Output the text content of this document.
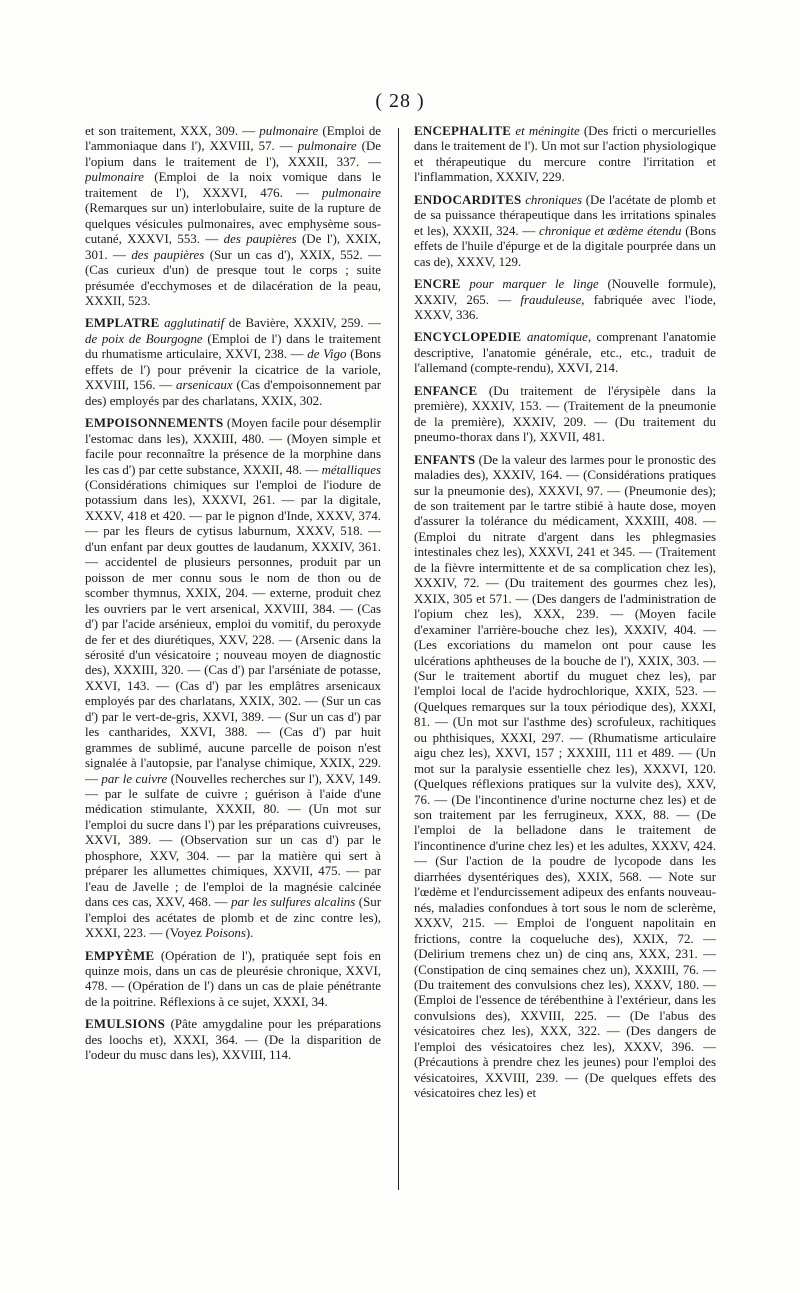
( 28 )

et son traitement, XXX, 309. — pulmonaire (Emploi de l'ammoniaque dans l'), XXVIII, 57. — pulmonaire (De l'opium dans le traitement de l'), XXXII, 337. — pulmonaire (Emploi de la noix vomique dans le traitement de l'), XXXVI, 476. — pulmonaire (Remarques sur un) interlobulaire, suite de la rupture de quelques vésicules pulmonaires, avec emphysème sous-cutané, XXXVI, 553. — des paupières (De l'), XXIX, 301. — des paupières (Sur un cas d'), XXIX, 552. — (Cas curieux d'un) de presque tout le corps ; suite présumée d'ecchymoses et de dilacération de la peau, XXXII, 523.

EMPLATRE agglutinatif de Bavière, XXXIV, 259. — de poix de Bourgogne (Emploi de l') dans le traitement du rhumatisme articulaire, XXVI, 238. — de Vigo (Bons effets de l') pour prévenir la cicatrice de la variole, XXVIII, 156. — arsenicaux (Cas d'empoisonnement par des) employés par des charlatans, XXIX, 302.

EMPOISONNEMENTS (Moyen facile pour désemplir l'estomac dans les), XXXIII, 480. — (Moyen simple et facile pour reconnaître la présence de la morphine dans les cas d') par cette substance, XXXII, 48. — métalliques (Considérations chimiques sur l'emploi de l'iodure de potassium dans les), XXXVI, 261. — par la digitale, XXXV, 418 et 420. — par le pignon d'Inde, XXXV, 374. — par les fleurs de cytisus laburnum, XXXV, 518. — d'un enfant par deux gouttes de laudanum, XXXIV, 361. — accidentel de plusieurs personnes, produit par un poisson de mer connu sous le nom de thon ou de scomber thymnus, XXIX, 204. — externe, produit chez les ouvriers par le vert arsenical, XXVIII, 384. — (Cas d') par l'acide arsénieux, emploi du vomitif, du peroxyde de fer et des diurétiques, XXV, 228. — (Arsenic dans la sérosité d'un vésicatoire ; nouveau moyen de diagnostic des), XXXIII, 320. — (Cas d') par l'arséniate de potasse, XXVI, 143. — (Cas d') par les emplâtres arsenicaux employés par des charlatans, XXIX, 302. — (Sur un cas d') par le vert-de-gris, XXVI, 389. — (Sur un cas d') par les cantharides, XXVI, 388. — (Cas d') par huit grammes de sublimé, aucune parcelle de poison n'est signalée à l'autopsie, par l'analyse chimique, XXIX, 229. — par le cuivre (Nouvelles recherches sur l'), XXV, 149. — par le sulfate de cuivre ; guérison à l'aide d'une médication stimulante, XXXII, 80. — (Un mot sur l'emploi du sucre dans l') par les préparations cuivreuses, XXVI, 389. — (Observation sur un cas d') par le phosphore, XXV, 304. — par la matière qui sert à préparer les allumettes chimiques, XXVII, 475. — par l'eau de Javelle ; de l'emploi de la magnésie calcinée dans ces cas, XXV, 468. — par les sulfures alcalins (Sur l'emploi des acétates de plomb et de zinc contre les), XXXI, 223. — (Voyez Poisons).

EMPYÈME (Opération de l'), pratiquée sept fois en quinze mois, dans un cas de pleurésie chronique, XXVI, 478. — (Opération de l') dans un cas de plaie pénétrante de la poitrine. Réflexions à ce sujet, XXXI, 34.

EMULSIONS (Pâte amygdaline pour les préparations des loochs et), XXXI, 364. — (De la disparition de l'odeur du musc dans les), XXVIII, 114.

ENCEPHALITE et méningite (Des fricti o mercurielles dans le traitement de l'). Un mot sur l'action physiologique et thérapeutique du mercure contre l'irritation et l'inflammation, XXXIV, 229.

ENDOCARDITES chroniques (De l'acétate de plomb et de sa puissance thérapeutique dans les irritations spinales et les), XXXII, 324. — chronique et œdème étendu (Bons effets de l'huile d'épurge et de la digitale pourprée dans un cas de), XXXV, 129.

ENCRE pour marquer le linge (Nouvelle formule), XXXIV, 265. — frauduleuse, fabriquée avec l'iode, XXXV, 336.

ENCYCLOPEDIE anatomique, comprenant l'anatomie descriptive, l'anatomie générale, etc., etc., traduit de l'allemand (compte-rendu), XXVI, 214.

ENFANCE (Du traitement de l'érysipèle dans la première), XXXIV, 153. — (Traitement de la pneumonie de la première), XXXIV, 209. — (Du traitement du pneumo-thorax dans l'), XXVII, 481.

ENFANTS (De la valeur des larmes pour le pronostic des maladies des), XXXIV, 164. — (Considérations pratiques sur la pneumonie des), XXXVI, 97. — (Pneumonie des); de son traitement par le tartre stibié à haute dose, moyen d'assurer la tolérance du médicament, XXXIII, 408. — (Emploi du nitrate d'argent dans les phlegmasies intestinales chez les), XXXVI, 241 et 345. — (Traitement de la fièvre intermittente et de sa complication chez les), XXXIV, 72. — (Du traitement des gourmes chez les), XXIX, 305 et 571. — (Des dangers de l'administration de l'opium chez les), XXX, 239. — (Moyen facile d'examiner l'arrière-bouche chez les), XXXIV, 404. — (Les excoriations du mamelon ont pour cause les ulcérations aphtheuses de la bouche de l'), XXIX, 303. — (Sur le traitement abortif du muguet chez les), par l'emploi local de l'acide hydrochlorique, XXIX, 523. — (Quelques remarques sur la toux périodique des), XXXI, 81. — (Un mot sur l'asthme des) scrofuleux, rachitiques ou phthisiques, XXXI, 297. — (Rhumatisme articulaire aigu chez les), XXVI, 157 ; XXXIII, 111 et 489. — (Un mot sur la paralysie essentielle chez les), XXXVI, 120. (Quelques réflexions pratiques sur la vulvite des), XXV, 76. — (De l'incontinence d'urine nocturne chez les) et de son traitement par les ferrugineux, XXX, 88. — (De l'emploi de la belladone dans le traitement de l'incontinence d'urine chez les) et les adultes, XXXV, 424. — (Sur l'action de la poudre de lycopode dans les diarrhées dysentériques des), XXIX, 568. — Note sur l'œdème et l'endurcissement adipeux des enfants nouveau-nés, maladies confondues à tort sous le nom de sclerème, XXXV, 215. — Emploi de l'onguent napolitain en frictions, contre la coqueluche des), XXIX, 72. — (Delirium tremens chez un) de cinq ans, XXX, 231. — (Constipation de cinq semaines chez un), XXXIII, 76. — (Du traitement des convulsions chez les), XXXV, 180. — (Emploi de l'essence de térébenthine à l'extérieur, dans les convulsions des), XXVIII, 225. — (De l'abus des vésicatoires chez les), XXX, 322. — (Des dangers de l'emploi des vésicatoires chez les), XXXV, 396. — (Précautions à prendre chez les jeunes) pour l'emploi des vésicatoires, XXVIII, 239. — (De quelques effets des vésicatoires chez les) et
